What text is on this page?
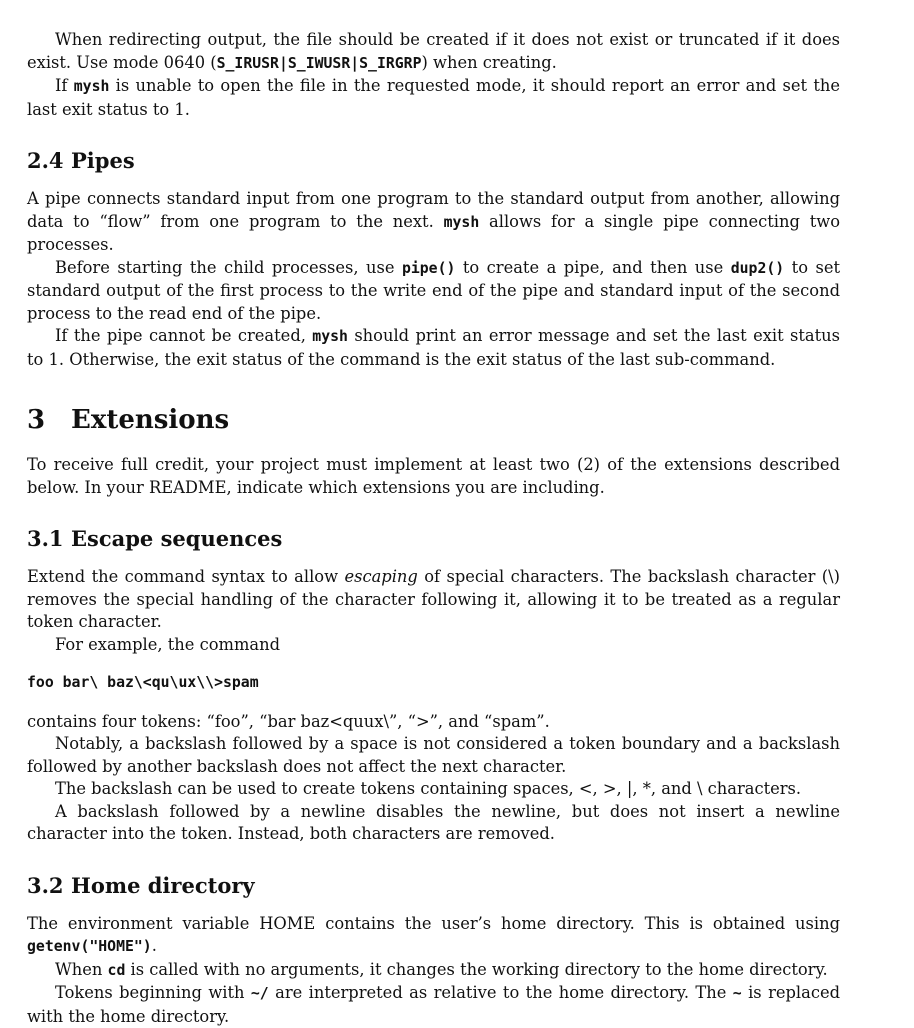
When redirecting output, the file should be created if it does not exist or truncated if it does exist. Use mode 0640 (S_IRUSR|S_IWUSR|S_IRGRP) when creating.

If mysh is unable to open the file in the requested mode, it should report an error and set the last exit status to 1.

2.4 Pipes

A pipe connects standard input from one program to the standard output from another, allowing data to “flow” from one program to the next. mysh allows for a single pipe connecting two processes.

Before starting the child processes, use pipe() to create a pipe, and then use dup2() to set standard output of the first process to the write end of the pipe and standard input of the second process to the read end of the pipe.

If the pipe cannot be created, mysh should print an error message and set the last exit status to 1. Otherwise, the exit status of the command is the exit status of the last sub-command.

3 Extensions

To receive full credit, your project must implement at least two (2) of the extensions described below. In your README, indicate which extensions you are including.

3.1 Escape sequences

Extend the command syntax to allow escaping of special characters. The backslash character (\) removes the special handling of the character following it, allowing it to be treated as a regular token character.

For example, the command

foo bar\ baz\<qu\ux\\>spam

contains four tokens: “foo”, “bar baz<quux\”, “>”, and “spam”.

Notably, a backslash followed by a space is not considered a token boundary and a backslash followed by another backslash does not affect the next character.

The backslash can be used to create tokens containing spaces, <, >, |, *, and \ characters.

A backslash followed by a newline disables the newline, but does not insert a newline character into the token. Instead, both characters are removed.

3.2 Home directory

The environment variable HOME contains the user’s home directory. This is obtained using getenv("HOME").

When cd is called with no arguments, it changes the working directory to the home directory.

Tokens beginning with ~/ are interpreted as relative to the home directory. The ~ is replaced with the home directory.
